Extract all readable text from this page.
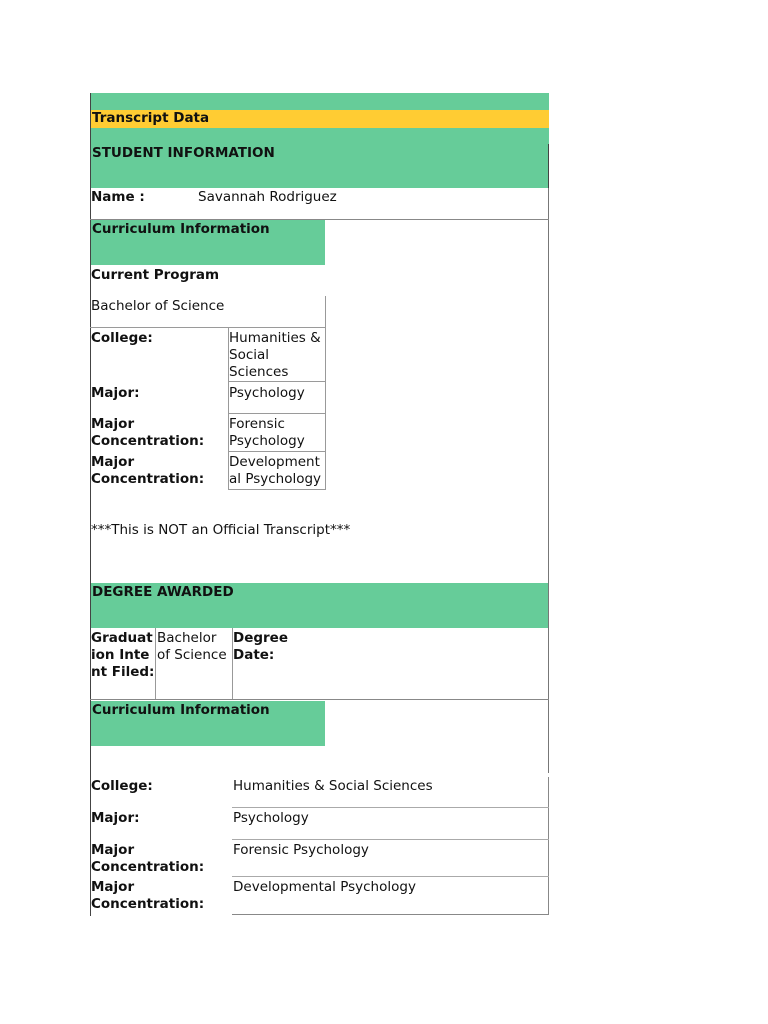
Transcript Data
STUDENT INFORMATION
Name :	Savannah Rodriguez
Curriculum Information
Current Program
Bachelor of Science
College:	Humanities & Social Sciences
Major:	Psychology
Major Concentration:
Forensic Psychology
Major Concentration:
Developmental Psychology
***This is NOT an Official Transcript***
DEGREE AWARDED
Graduation Intent Filed:
Bachelor of Science
Degree Date:
Curriculum Information
College:	Humanities & Social Sciences
Major:	Psychology
Major Concentration:
Forensic Psychology
Major Concentration:
Developmental Psychology
